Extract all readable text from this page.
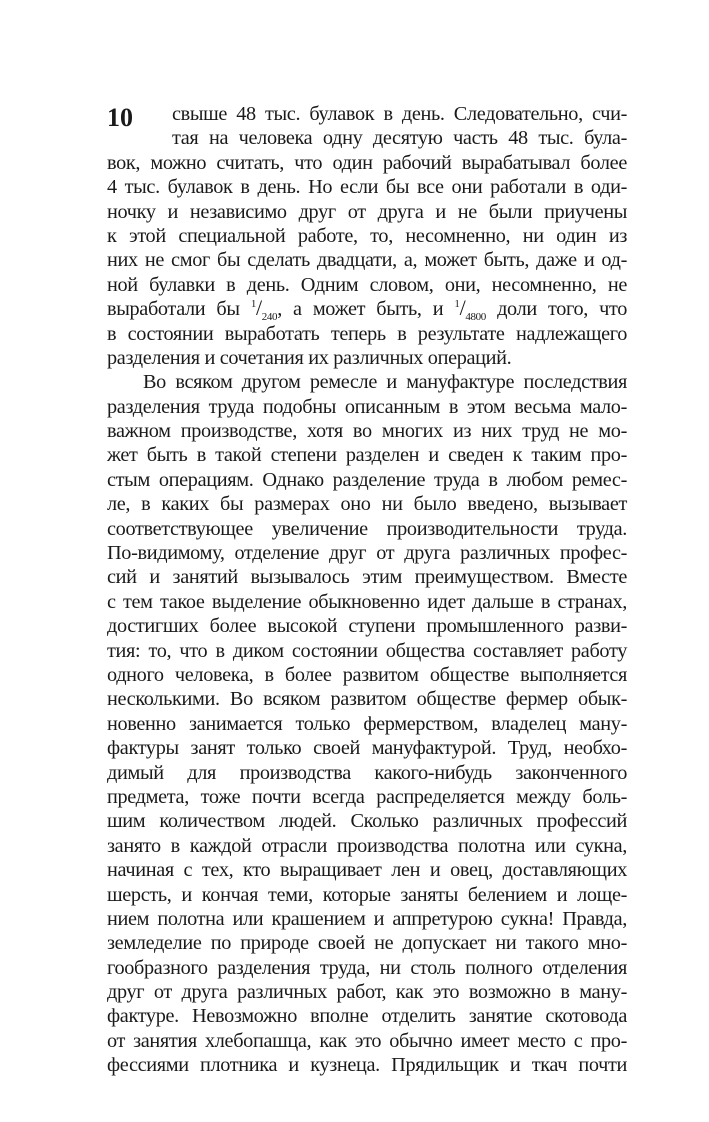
10 свыше 48 тыс. булавок в день. Следовательно, счи-
тая на человека одну десятую часть 48 тыс. була-
вок, можно считать, что один рабочий вырабатывал более
4 тыс. булавок в день. Но если бы все они работали в оди-
ночку и независимо друг от друга и не были приучены
к этой специальной работе, то, несомненно, ни один из
них не смог бы сделать двадцати, а, может быть, даже и од-
ной булавки в день. Одним словом, они, несомненно, не
выработали бы $^1/_{240}$, а может быть, и $^1/_{4800}$ доли того, что
в состоянии выработать теперь в результате надлежащего
разделения и сочетания их различных операций.
Во всяком другом ремесле и мануфактуре последствия
разделения труда подобны описанным в этом весьма мало-
важном производстве, хотя во многих из них труд не мо-
жет быть в такой степени разделен и сведен к таким про-
стым операциям. Однако разделение труда в любом ремес-
ле, в каких бы размерах оно ни было введено, вызывает
соответствующее увеличение производительности труда.
По-видимому, отделение друг от друга различных профес-
сий и занятий вызывалось этим преимуществом. Вместе
с тем такое выделение обыкновенно идет дальше в странах,
достигших более высокой ступени промышленного разви-
тия: то, что в диком состоянии общества составляет работу
одного человека, в более развитом обществе выполняется
несколькими. Во всяком развитом обществе фермер обык-
новенно занимается только фермерством, владелец ману-
фактуры занят только своей мануфактурой. Труд, необхо-
димый для производства какого-нибудь законченного
предмета, тоже почти всегда распределяется между боль-
шим количеством людей. Сколько различных профессий
занято в каждой отрасли производства полотна или сукна,
начиная с тех, кто выращивает лен и овец, доставляющих
шерсть, и кончая теми, которые заняты белением и лоще-
нием полотна или крашением и аппретурою сукна! Правда,
земледелие по природе своей не допускает ни такого мно-
гообразного разделения труда, ни столь полного отделения
друг от друга различных работ, как это возможно в ману-
фактуре. Невозможно вполне отделить занятие скотовода
от занятия хлебопашца, как это обычно имеет место с про-
фессиями плотника и кузнеца. Прядильщик и ткач почти
